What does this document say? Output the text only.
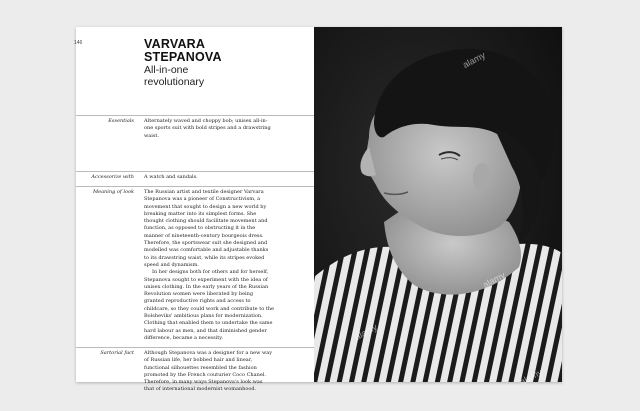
146	VARVARA
STEPANOVA
All-in-one
revolutionary
Essentials Alternately waved and choppy bob; unisex all-in-one sports suit with bold stripes and a drawstring waist.

Accessorize with A watch and sandals.

Meaning of look The Russian artist and textile designer Varvara Stepanova was a pioneer of Constructivism, a movement that sought to design a new world by breaking matter into its simplest forms. She thought clothing should facilitate movement and function, as opposed to obstructing it in the manner of nineteenth-century bourgeois dress. Therefore, the sportswear suit she designed and modelled was comfortable and adjustable thanks to its drawstring waist, while its stripes evoked speed and dynamism.

In her designs both for others and for herself, Stepanova sought to experiment with the idea of unisex clothing. In the early years of the Russian Revolution women were liberated by being granted reproductive rights and access to childcare, so they could work and contribute to the Bolsheviks' ambitious plans for modernization. Clothing that enabled them to undertake the same hard labour as men, and that diminished gender difference, became a necessity.

Sartorial fact Although Stepanova was a designer for a new way of Russian life, her bobbed hair and linear, functional silhouettes resembled the fashion promoted by the French couturier Coco Chanel. Therefore, in many ways Stepanova's look was that of international modernist womanhood.

alamy
alamy
alamy
alamy
